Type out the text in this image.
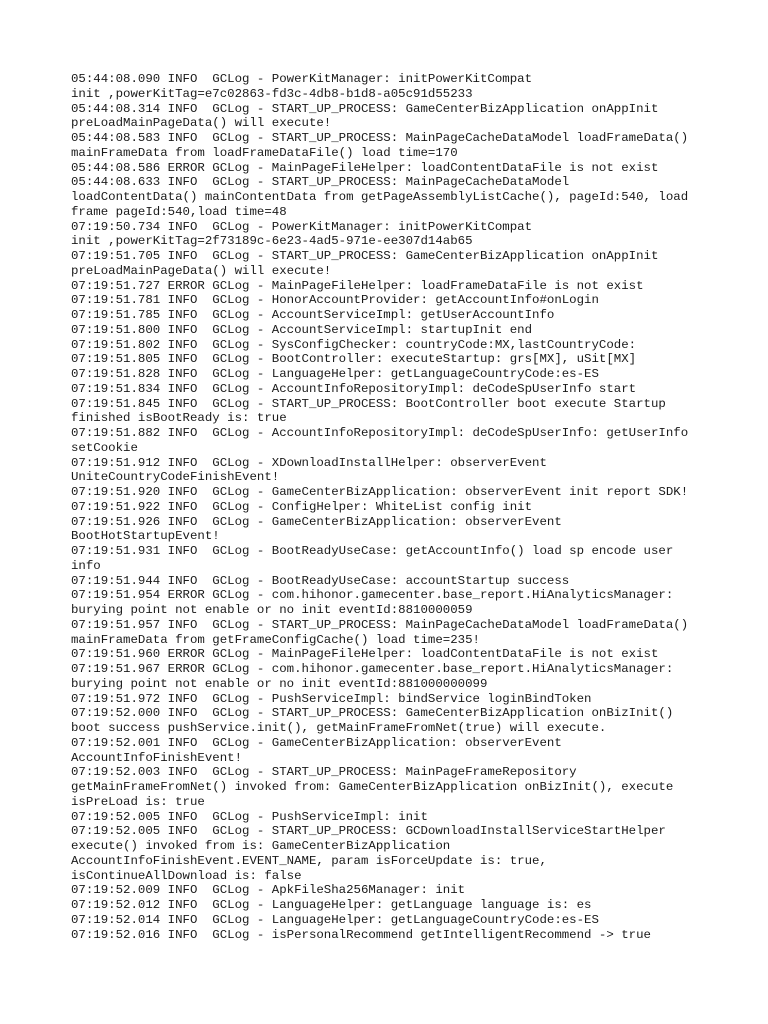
05:44:08.090 INFO  GCLog - PowerKitManager: initPowerKitCompat

init ,powerKitTag=e7c02863-fd3c-4db8-b1d8-a05c91d55233

05:44:08.314 INFO  GCLog - START_UP_PROCESS: GameCenterBizApplication onAppInit

preLoadMainPageData() will execute!

05:44:08.583 INFO  GCLog - START_UP_PROCESS: MainPageCacheDataModel loadFrameData()

mainFrameData from loadFrameDataFile() load time=170

05:44:08.586 ERROR GCLog - MainPageFileHelper: loadContentDataFile is not exist

05:44:08.633 INFO  GCLog - START_UP_PROCESS: MainPageCacheDataModel

loadContentData() mainContentData from getPageAssemblyListCache(), pageId:540, load

frame pageId:540,load time=48

07:19:50.734 INFO  GCLog - PowerKitManager: initPowerKitCompat

init ,powerKitTag=2f73189c-6e23-4ad5-971e-ee307d14ab65

07:19:51.705 INFO  GCLog - START_UP_PROCESS: GameCenterBizApplication onAppInit

preLoadMainPageData() will execute!

07:19:51.727 ERROR GCLog - MainPageFileHelper: loadFrameDataFile is not exist

07:19:51.781 INFO  GCLog - HonorAccountProvider: getAccountInfo#onLogin

07:19:51.785 INFO  GCLog - AccountServiceImpl: getUserAccountInfo

07:19:51.800 INFO  GCLog - AccountServiceImpl: startupInit end

07:19:51.802 INFO  GCLog - SysConfigChecker: countryCode:MX,lastCountryCode:

07:19:51.805 INFO  GCLog - BootController: executeStartup: grs[MX], uSit[MX]

07:19:51.828 INFO  GCLog - LanguageHelper: getLanguageCountryCode:es-ES

07:19:51.834 INFO  GCLog - AccountInfoRepositoryImpl: deCodeSpUserInfo start

07:19:51.845 INFO  GCLog - START_UP_PROCESS: BootController boot execute Startup

finished isBootReady is: true

07:19:51.882 INFO  GCLog - AccountInfoRepositoryImpl: deCodeSpUserInfo: getUserInfo

setCookie

07:19:51.912 INFO  GCLog - XDownloadInstallHelper: observerEvent

UniteCountryCodeFinishEvent!

07:19:51.920 INFO  GCLog - GameCenterBizApplication: observerEvent init report SDK!

07:19:51.922 INFO  GCLog - ConfigHelper: WhiteList config init

07:19:51.926 INFO  GCLog - GameCenterBizApplication: observerEvent

BootHotStartupEvent!

07:19:51.931 INFO  GCLog - BootReadyUseCase: getAccountInfo() load sp encode user

info

07:19:51.944 INFO  GCLog - BootReadyUseCase: accountStartup success

07:19:51.954 ERROR GCLog - com.hihonor.gamecenter.base_report.HiAnalyticsManager:

burying point not enable or no init eventId:8810000059

07:19:51.957 INFO  GCLog - START_UP_PROCESS: MainPageCacheDataModel loadFrameData()

mainFrameData from getFrameConfigCache() load time=235!

07:19:51.960 ERROR GCLog - MainPageFileHelper: loadContentDataFile is not exist

07:19:51.967 ERROR GCLog - com.hihonor.gamecenter.base_report.HiAnalyticsManager:

burying point not enable or no init eventId:881000000099

07:19:51.972 INFO  GCLog - PushServiceImpl: bindService loginBindToken

07:19:52.000 INFO  GCLog - START_UP_PROCESS: GameCenterBizApplication onBizInit()

boot success pushService.init(), getMainFrameFromNet(true) will execute.

07:19:52.001 INFO  GCLog - GameCenterBizApplication: observerEvent

AccountInfoFinishEvent!

07:19:52.003 INFO  GCLog - START_UP_PROCESS: MainPageFrameRepository

getMainFrameFromNet() invoked from: GameCenterBizApplication onBizInit(), execute

isPreLoad is: true

07:19:52.005 INFO  GCLog - PushServiceImpl: init

07:19:52.005 INFO  GCLog - START_UP_PROCESS: GCDownloadInstallServiceStartHelper

execute() invoked from is: GameCenterBizApplication

AccountInfoFinishEvent.EVENT_NAME, param isForceUpdate is: true,

isContinueAllDownload is: false

07:19:52.009 INFO  GCLog - ApkFileSha256Manager: init

07:19:52.012 INFO  GCLog - LanguageHelper: getLanguage language is: es

07:19:52.014 INFO  GCLog - LanguageHelper: getLanguageCountryCode:es-ES

07:19:52.016 INFO  GCLog - isPersonalRecommend getIntelligentRecommend -> true
